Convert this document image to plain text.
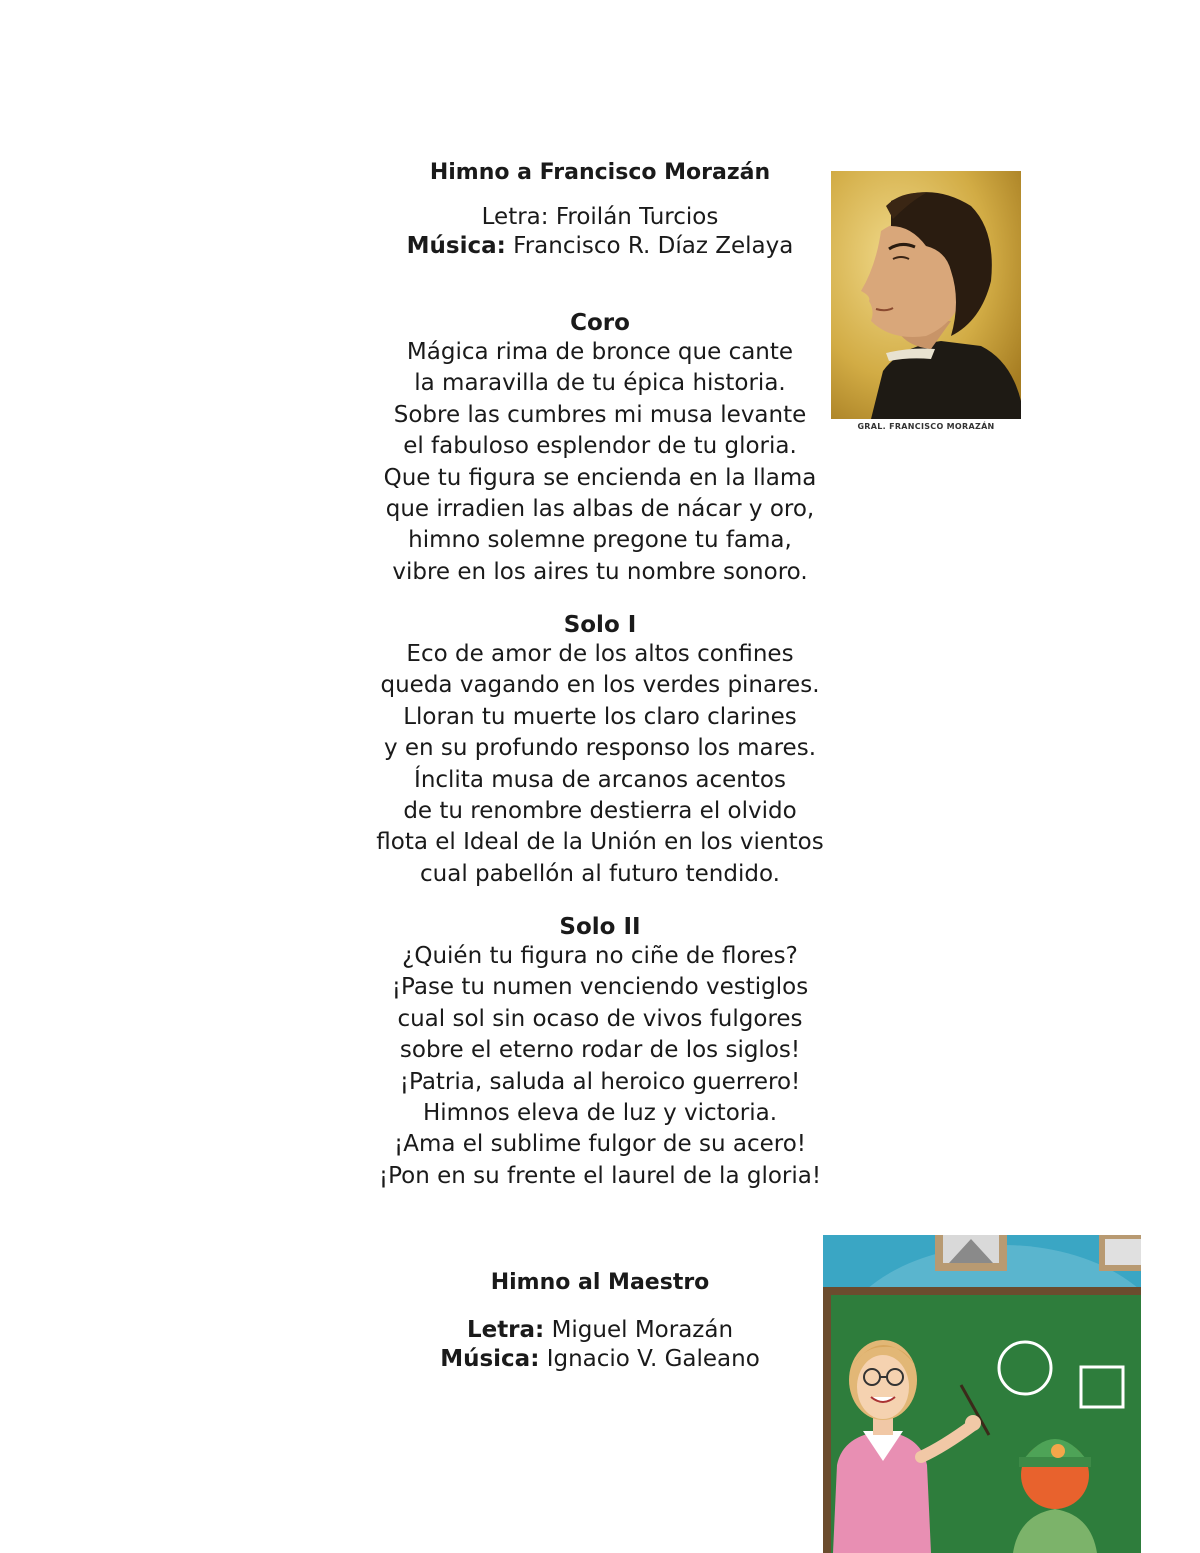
Himno a Francisco Morazán
Letra: Froilán Turcios
Música: Francisco R. Díaz Zelaya
GRAL. FRANCISCO MORAZÁN
Coro
Mágica rima de bronce que cante
la maravilla de tu épica historia.
Sobre las cumbres mi musa levante
el fabuloso esplendor de tu gloria.
Que tu figura se encienda en la llama
que irradien las albas de nácar y oro,
himno solemne pregone tu fama,
vibre en los aires tu nombre sonoro.
Solo I
Eco de amor de los altos confines
queda vagando en los verdes pinares.
Lloran tu muerte los claro clarines
y en su profundo responso los mares.
Ínclita musa de arcanos acentos
de tu renombre destierra el olvido
flota el Ideal de la Unión en los vientos
cual pabellón al futuro tendido.
Solo II
¿Quién tu figura no ciñe de flores?
¡Pase tu numen venciendo vestiglos
cual sol sin ocaso de vivos fulgores
sobre el eterno rodar de los siglos!
¡Patria, saluda al heroico guerrero!
Himnos eleva de luz y victoria.
¡Ama el sublime fulgor de su acero!
¡Pon en su frente el laurel de la gloria!
Himno al Maestro
Letra: Miguel Morazán
Música: Ignacio V. Galeano
